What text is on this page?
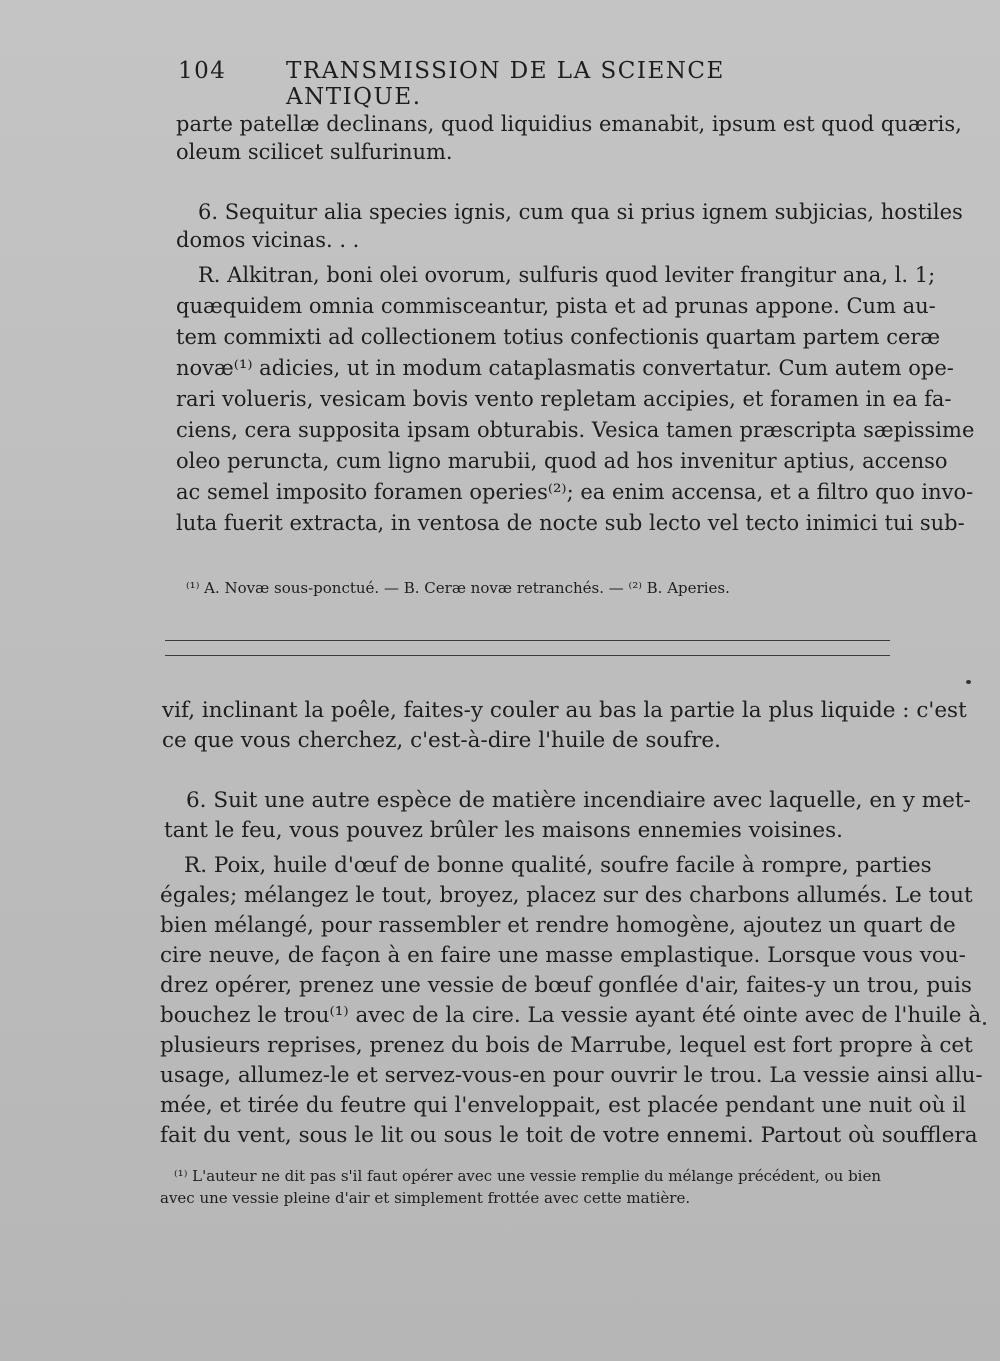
104	TRANSMISSION DE LA SCIENCE ANTIQUE.
parte patellæ declinans, quod liquidius emanabit, ipsum est quod quæris,
oleum scilicet sulfurinum.
6. Sequitur alia species ignis, cum qua si prius ignem subjicias, hostiles
domos vicinas. . .
R. Alkitran, boni olei ovorum, sulfuris quod leviter frangitur ana, l. 1;
quæquidem omnia commisceantur, pista et ad prunas appone. Cum au-
tem commixti ad collectionem totius confectionis quartam partem ceræ
novæ⁽¹⁾ adicies, ut in modum cataplasmatis convertatur. Cum autem ope-
rari volueris, vesicam bovis vento repletam accipies, et foramen in ea fa-
ciens, cera supposita ipsam obturabis. Vesica tamen præscripta sæpissime
oleo peruncta, cum ligno marubii, quod ad hos invenitur aptius, accenso
ac semel imposito foramen operies⁽²⁾; ea enim accensa, et a filtro quo invo-
luta fuerit extracta, in ventosa de nocte sub lecto vel tecto inimici tui sub-
⁽¹⁾ A. Novæ sous-ponctué. — B. Ceræ novæ retranchés. — ⁽²⁾ B. Aperies.
vif, inclinant la poêle, faites-y couler au bas la partie la plus liquide : c'est
ce que vous cherchez, c'est-à-dire l'huile de soufre.
6. Suit une autre espèce de matière incendiaire avec laquelle, en y met-
tant le feu, vous pouvez brûler les maisons ennemies voisines.
R. Poix, huile d'œuf de bonne qualité, soufre facile à rompre, parties
égales; mélangez le tout, broyez, placez sur des charbons allumés. Le tout
bien mélangé, pour rassembler et rendre homogène, ajoutez un quart de
cire neuve, de façon à en faire une masse emplastique. Lorsque vous vou-
drez opérer, prenez une vessie de bœuf gonflée d'air, faites-y un trou, puis
bouchez le trou⁽¹⁾ avec de la cire. La vessie ayant été ointe avec de l'huile à
plusieurs reprises, prenez du bois de Marrube, lequel est fort propre à cet
usage, allumez-le et servez-vous-en pour ouvrir le trou. La vessie ainsi allu-
mée, et tirée du feutre qui l'enveloppait, est placée pendant une nuit où il
fait du vent, sous le lit ou sous le toit de votre ennemi. Partout où soufflera
⁽¹⁾ L'auteur ne dit pas s'il faut opérer avec une vessie remplie du mélange précédent, ou bien
avec une vessie pleine d'air et simplement frottée avec cette matière.
